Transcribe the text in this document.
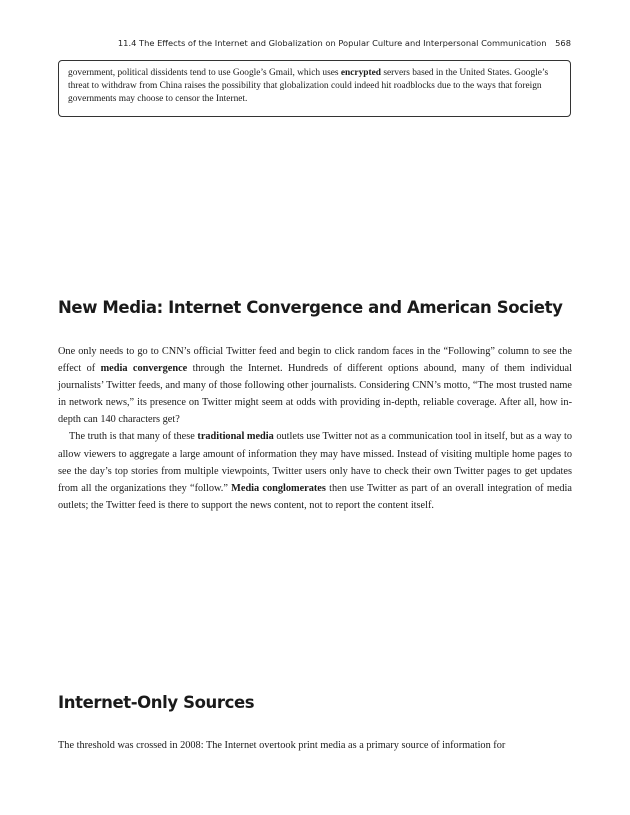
11.4 The Effects of the Internet and Globalization on Popular Culture and Interpersonal Communication 568

government, political dissidents tend to use Google’s Gmail, which uses encrypted servers based in the United States. Google’s threat to withdraw from China raises the possibility that globalization could indeed hit roadblocks due to the ways that foreign governments may choose to censor the Internet.

New Media: Internet Convergence and American Society

One only needs to go to CNN’s official Twitter feed and begin to click random faces in the “Following” column to see the effect of media convergence through the Internet. Hundreds of different options abound, many of them individual journalists’ Twitter feeds, and many of those following other journalists. Considering CNN’s motto, “The most trusted name in network news,” its presence on Twitter might seem at odds with providing in-depth, reliable coverage. After all, how in-depth can 140 characters get?

The truth is that many of these traditional media outlets use Twitter not as a communication tool in itself, but as a way to allow viewers to aggregate a large amount of information they may have missed. Instead of visiting multiple home pages to see the day’s top stories from multiple viewpoints, Twitter users only have to check their own Twitter pages to get updates from all the organizations they “follow.” Media conglomerates then use Twitter as part of an overall integration of media outlets; the Twitter feed is there to support the news content, not to report the content itself.

Internet-Only Sources

The threshold was crossed in 2008: The Internet overtook print media as a primary source of information for
